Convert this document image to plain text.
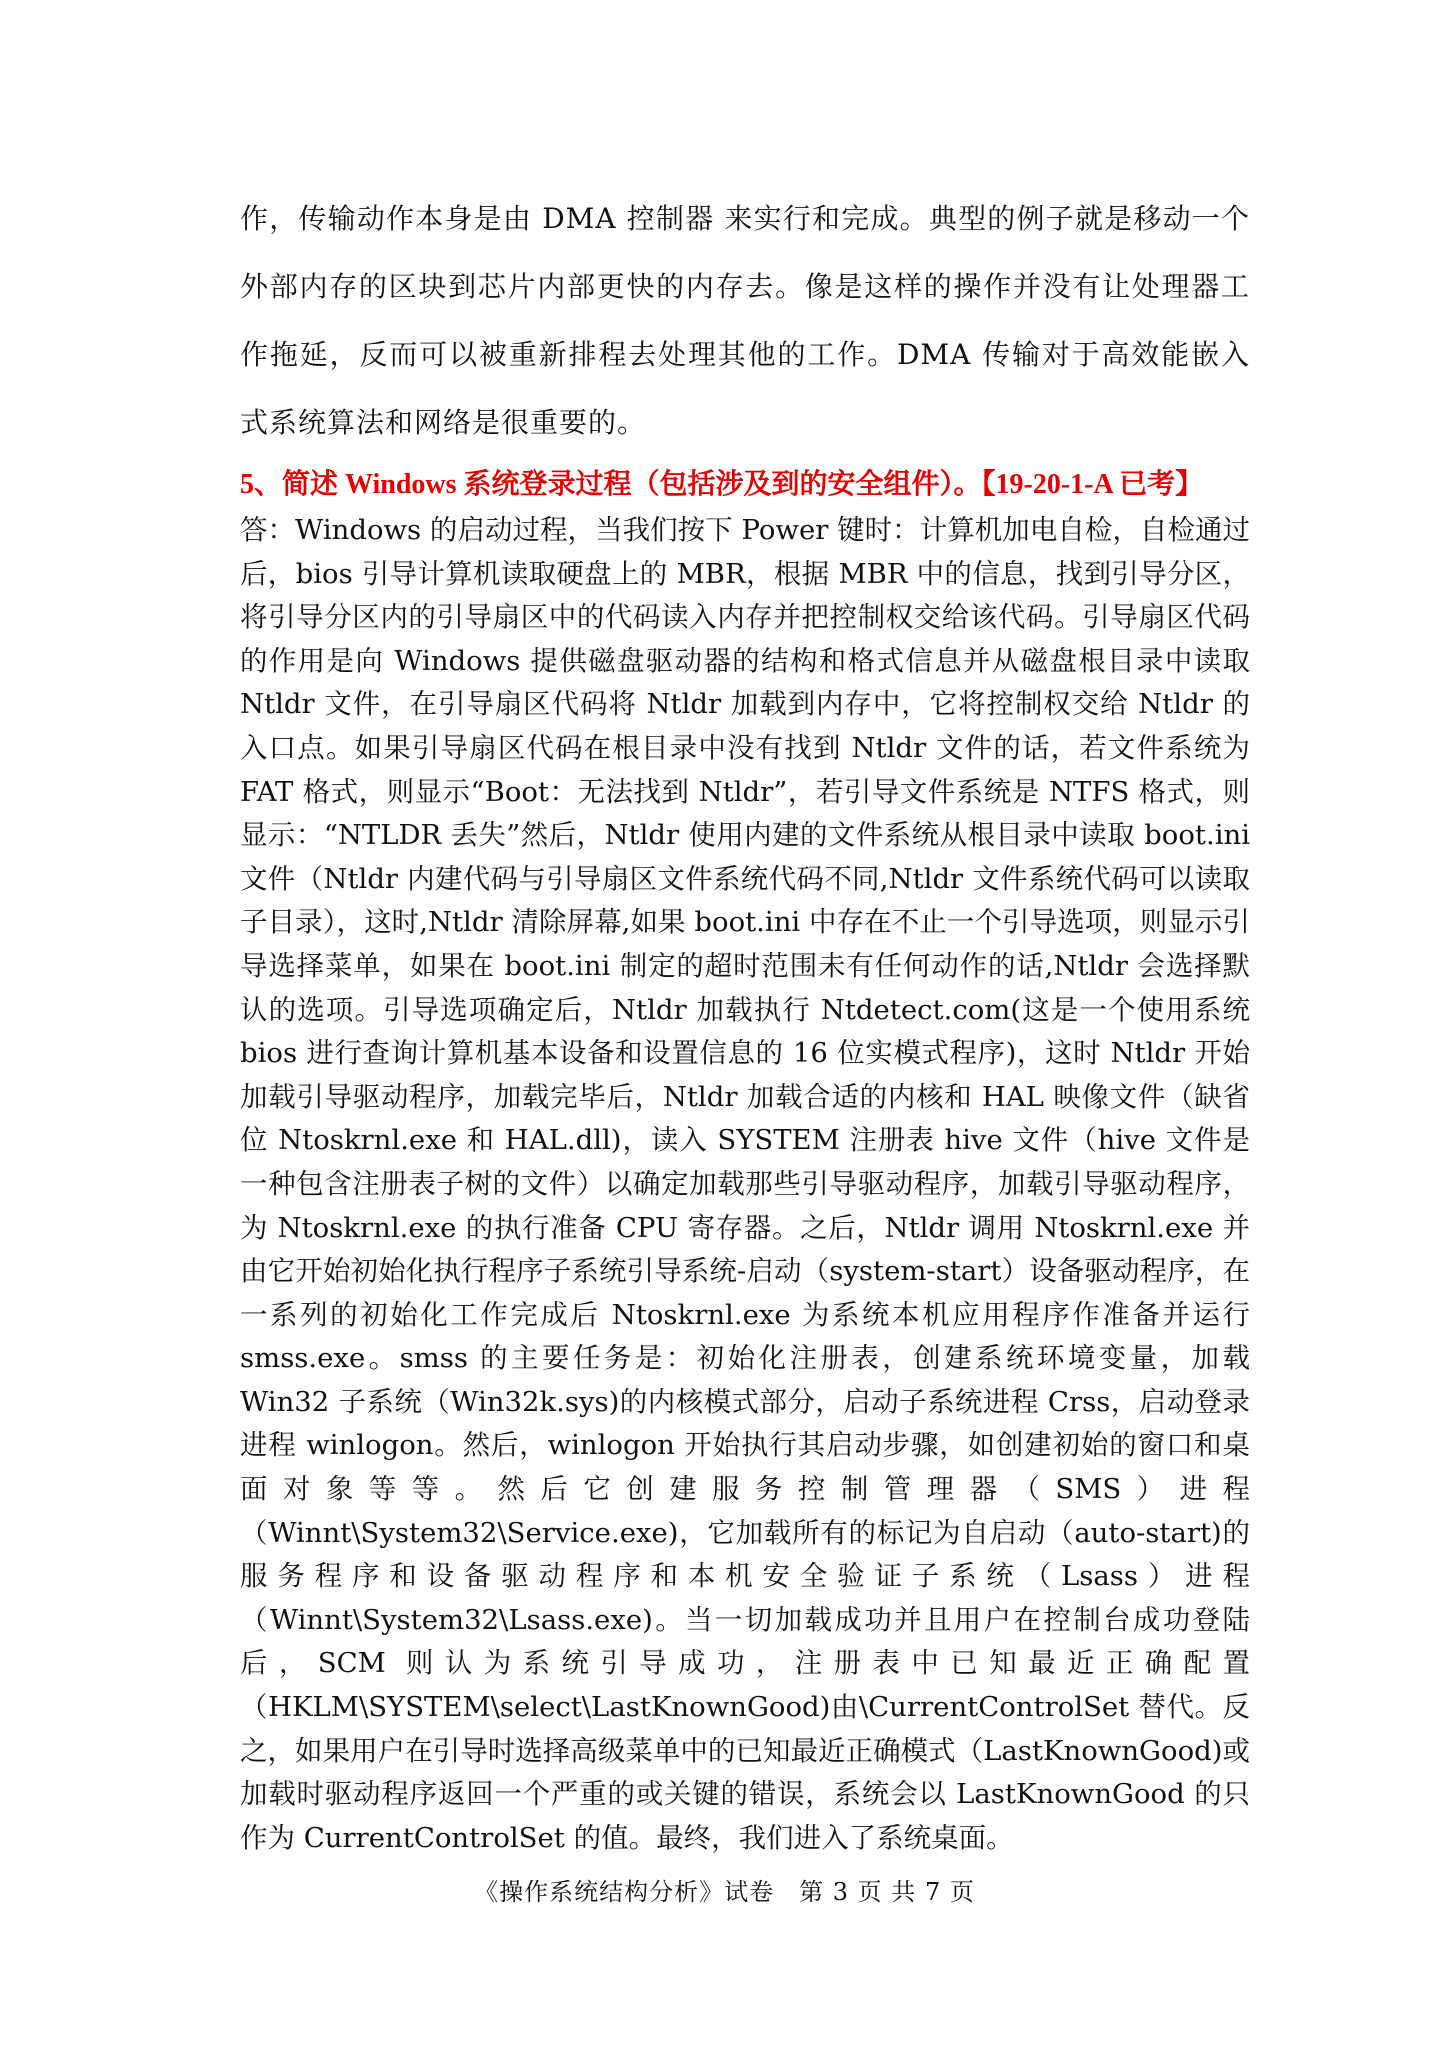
作，传输动作本身是由 DMA 控制器 来实行和完成。典型的例子就是移动一个外部内存的区块到芯片内部更快的内存去。像是这样的操作并没有让处理器工作拖延，反而可以被重新排程去处理其他的工作。DMA 传输对于高效能嵌入式系统算法和网络是很重要的。

5、简述 Windows 系统登录过程（包括涉及到的安全组件）。【19-20-1-A 已考】

答：Windows 的启动过程，当我们按下 Power 键时：计算机加电自检，自检通过后，bios 引导计算机读取硬盘上的 MBR，根据 MBR 中的信息，找到引导分区，将引导分区内的引导扇区中的代码读入内存并把控制权交给该代码。引导扇区代码的作用是向 Windows 提供磁盘驱动器的结构和格式信息并从磁盘根目录中读取 Ntldr 文件，在引导扇区代码将 Ntldr 加载到内存中，它将控制权交给 Ntldr 的入口点。如果引导扇区代码在根目录中没有找到 Ntldr 文件的话，若文件系统为 FAT 格式，则显示“Boot：无法找到 Ntldr”，若引导文件系统是 NTFS 格式，则显示：“NTLDR 丢失”然后，Ntldr 使用内建的文件系统从根目录中读取 boot.ini 文件（Ntldr 内建代码与引导扇区文件系统代码不同,Ntldr 文件系统代码可以读取子目录），这时,Ntldr 清除屏幕,如果 boot.ini 中存在不止一个引导选项，则显示引导选择菜单，如果在 boot.ini 制定的超时范围未有任何动作的话,Ntldr 会选择默认的选项。引导选项确定后，Ntldr 加载执行 Ntdetect.com(这是一个使用系统 bios 进行查询计算机基本设备和设置信息的 16 位实模式程序)，这时 Ntldr 开始加载引导驱动程序，加载完毕后，Ntldr 加载合适的内核和 HAL 映像文件（缺省位 Ntoskrnl.exe 和 HAL.dll)，读入 SYSTEM 注册表 hive 文件（hive 文件是一种包含注册表子树的文件）以确定加载那些引导驱动程序，加载引导驱动程序，为 Ntoskrnl.exe 的执行准备 CPU 寄存器。之后，Ntldr 调用 Ntoskrnl.exe 并由它开始初始化执行程序子系统引导系统-启动（system-start）设备驱动程序，在一系列的初始化工作完成后 Ntoskrnl.exe 为系统本机应用程序作准备并运行 smss.exe。smss 的主要任务是：初始化注册表，创建系统环境变量，加载 Win32 子系统（Win32k.sys)的内核模式部分，启动子系统进程 Crss，启动登录进程 winlogon。然后，winlogon 开始执行其启动步骤，如创建初始的窗口和桌面对象等等。然后它创建服务控制管理器（SMS）进程（Winnt\System32\Service.exe)，它加载所有的标记为自启动（auto-start)的服务程序和设备驱动程序和本机安全验证子系统（Lsass）进程（Winnt\System32\Lsass.exe)。当一切加载成功并且用户在控制台成功登陆后，SCM 则认为系统引导成功，注册表中已知最近正确配置（HKLM\SYSTEM\select\LastKnownGood)由\CurrentControlSet 替代。反之，如果用户在引导时选择高级菜单中的已知最近正确模式（LastKnownGood)或加载时驱动程序返回一个严重的或关键的错误，系统会以 LastKnownGood 的只作为 CurrentControlSet 的值。最终，我们进入了系统桌面。

《操作系统结构分析》试卷　第 3 页 共 7 页
